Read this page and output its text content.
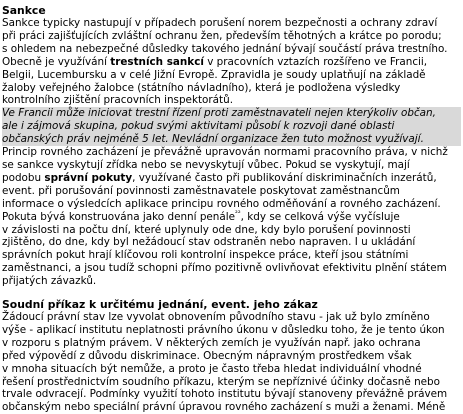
Sankce
Sankce typicky nastupují v případech porušení norem bezpečnosti a ochrany zdraví
při práci zajišťujících zvláštní ochranu žen, především těhotných a krátce po porodu;
s ohledem na nebezpečné důsledky takového jednání bývají součástí práva trestního.
Obecně je využívání trestních sankcí v pracovních vztazích rozšířeno ve Francii,
Belgii, Lucembursku a v celé Jižní Evropě. Zpravidla je soudy uplatňují na základě
žaloby veřejného žalobce (státního návladního), která je podložena výsledky
kontrolního zjištění pracovních inspektorátů.
Ve Francii může iniciovat trestní řízení proti zaměstnavateli nejen kterýkoliv občan,
ale i zájmová skupina, pokud svými aktivitami působí k rozvoji dané oblasti
občanských práv nejméně 5 let. Nevládní organizace žen tuto možnost využívají.
Princip rovného zacházení je převážně upravován normami pracovního práva, v nichž
se sankce vyskytují zřídka nebo se nevyskytují vůbec. Pokud se vyskytují, mají
podobu správní pokuty, využívané často při publikování diskriminačních inzerátů,
event. při porušování povinnosti zaměstnavatele poskytovat zaměstnancům
informace o výsledcích aplikace principu rovného odměňování a rovného zacházení.
Pokuta bývá konstruována jako denní penále$^{^{22}}$, kdy se celková výše vyčísluje
v závislosti na počtu dní, které uplynuly ode dne, kdy bylo porušení povinnosti
zjištěno, do dne, kdy byl nežádoucí stav odstraněn nebo napraven. I u ukládání
správních pokut hrají klíčovou roli kontrolní inspekce práce, kteří jsou státními
zaměstnanci, a jsou tudíž schopni přímo pozitivně ovlivňovat efektivitu plnění státem
přijatých závazků.
Soudní příkaz k určitému jednání, event. jeho zákaz
Žádoucí právní stav lze vyvolat obnovením původního stavu - jak už bylo zmíněno
výše - aplikací institutu neplatnosti právního úkonu v důsledku toho, že je tento úkon
v rozporu s platným právem. V některých zemích je využíván např. jako ochrana
před výpovědí z důvodu diskriminace. Obecným nápravným prostředkem však
v mnoha situacích být nemůže, a proto je často třeba hledat individuální vhodné
řešení prostřednictvím soudního příkazu, kterým se nepříznivé účinky dočasně nebo
trvale odvracejí. Podmínky využití tohoto institutu bývají stanoveny převážně právem
občanským nebo speciální právní úpravou rovného zacházení s muži a ženami. Méně
